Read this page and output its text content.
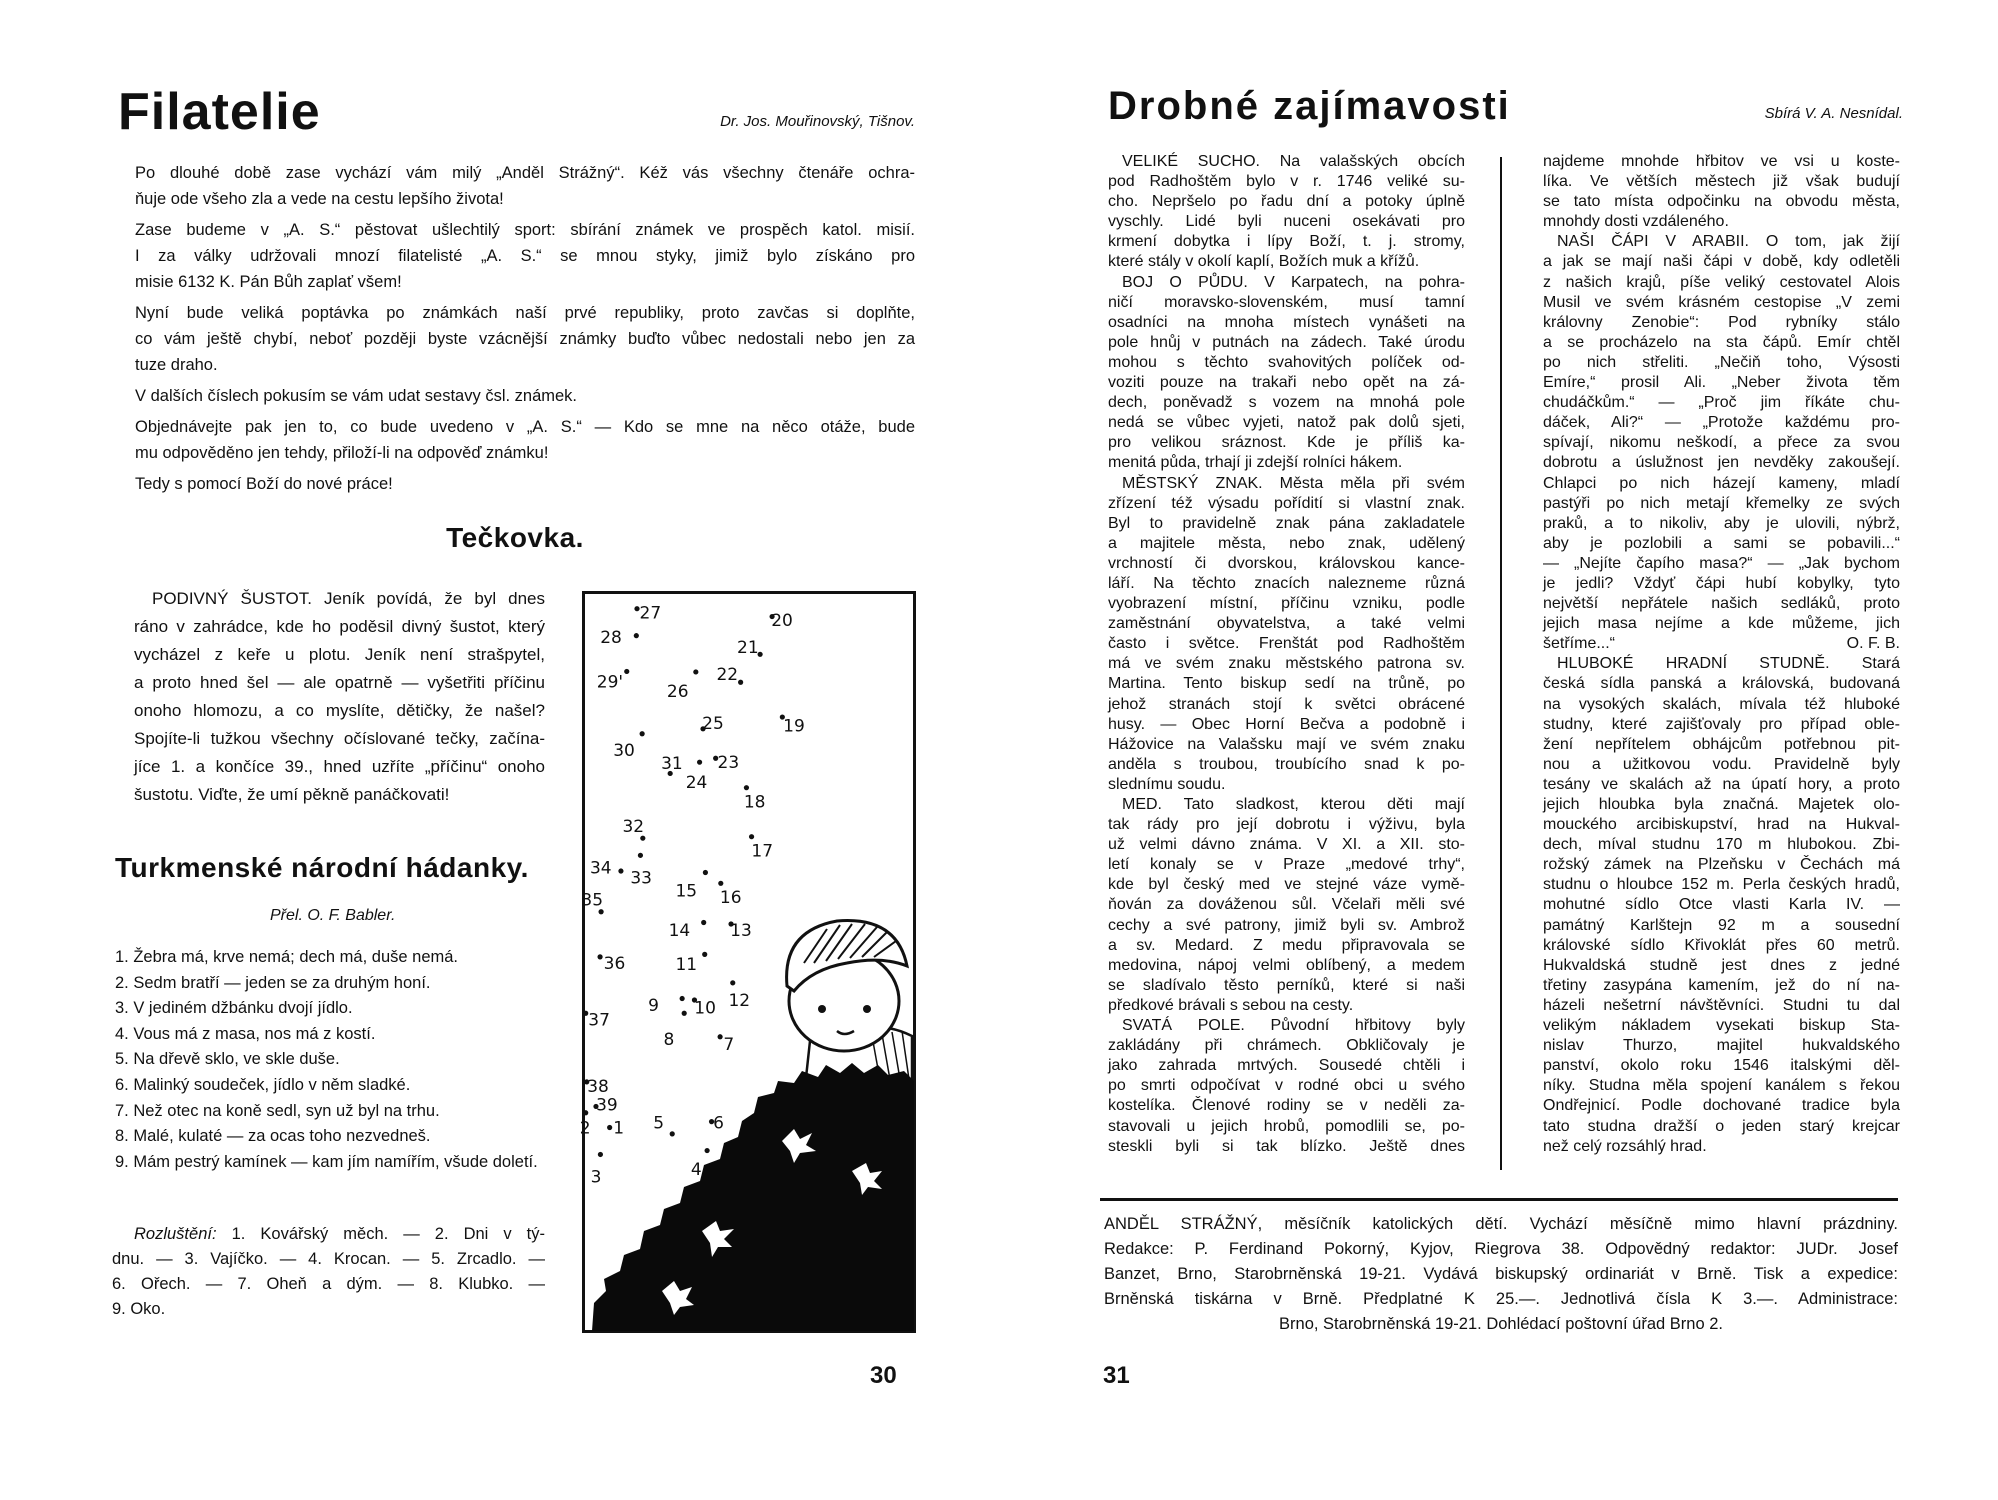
Filatelie	Dr. Jos. Mouřinovský, Tišnov.
Po dlouhé době zase vychází vám milý „Anděl Strážný“. Kéž vás všechny čtenáře ochra-
ňuje ode všeho zla a vede na cestu lepšího života!
Zase budeme v „A. S.“ pěstovat ušlechtilý sport: sbírání známek ve prospěch katol. misií.
I za války udržovali mnozí filatelisté „A. S.“ se mnou styky, jimiž bylo získáno pro
misie 6132 K. Pán Bůh zaplať všem!
Nyní bude veliká poptávka po známkách naší prvé republiky, proto zavčas si doplňte,
co vám ještě chybí, neboť později byste vzácnější známky buďto vůbec nedostali nebo jen za
tuze draho.
V dalších číslech pokusím se vám udat sestavy čsl. známek.
Objednávejte pak jen to, co bude uvedeno v „A. S.“ — Kdo se mne na něco otáže, bude
mu odpověděno jen tehdy, přiloží-li na odpověď známku!
Tedy s pomocí Boží do nové práce!
Tečkovka.
PODIVNÝ ŠUSTOT. Jeník povídá, že byl dnes
ráno v zahrádce, kde ho poděsil divný šustot, který
vycházel z keře u plotu. Jeník není strašpytel,
a proto hned šel — ale opatrně — vyšetřiti příčinu
onoho hlomozu, a co myslíte, dětičky, že našel?
Spojíte-li tužkou všechny očíslované tečky, začína-
jíce 1. a končíce 39., hned uzříte „příčinu“ onoho
šustotu. Viďte, že umí pěkně panáčkovati!
27
28
20
21
29'	26
22
25	19
30
31
24
23
18
32
17
34 33
15 16
35
14 13
36	11
12
9 10
8
37
7
38
39
2 1 5	6
3	4
Turkmenské národní hádanky.
Přel. O. F. Babler.
1. Žebra má, krve nemá; dech má, duše nemá.
2. Sedm bratří — jeden se za druhým honí.
3. V jediném džbánku dvojí jídlo.
4. Vous má z masa, nos má z kostí.
5. Na dřevě sklo, ve skle duše.
6. Malinký soudeček, jídlo v něm sladké.
7. Než otec na koně sedl, syn už byl na trhu.
8. Malé, kulaté — za ocas toho nezvedneš.
9. Mám pestrý kamínek — kam jím namířím, všude doletí.
Rozluštění: 1. Kovářský měch. — 2. Dni v tý-
dnu. — 3. Vajíčko. — 4. Krocan. — 5. Zrcadlo. —
6. Ořech. — 7. Oheň a dým. — 8. Klubko. —
9. Oko.
30
Drobné zajímavosti	Sbírá V. A. Nesnídal.
VELIKÉ SUCHO. Na valašských obcích
pod Radhoštěm bylo v r. 1746 veliké su-
cho. Nepršelo po řadu dní a potoky úplně
vyschly. Lidé byli nuceni osekávati pro
krmení dobytka i lípy Boží, t. j. stromy,
které stály v okolí kaplí, Božích muk a křížů.
BOJ O PŮDU. V Karpatech, na pohra-
ničí moravsko-slovenském, musí tamní
osadníci na mnoha místech vynášeti na
pole hnůj v putnách na zádech. Také úrodu
mohou s těchto svahovitých políček od-
voziti pouze na trakaři nebo opět na zá-
dech, poněvadž s vozem na mnohá pole
nedá se vůbec vyjeti, natož pak dolů sjeti,
pro velikou sráznost. Kde je příliš ka-
menitá půda, trhají ji zdejší rolníci hákem.
MĚSTSKÝ ZNAK. Města měla při svém
zřízení též výsadu pořídití si vlastní znak.
Byl to pravidelně znak pána zakladatele
a majitele města, nebo znak, udělený
vrchností či dvorskou, královskou kance-
láří. Na těchto znacích nalezneme různá
vyobrazení místní, příčinu vzniku, podle
zaměstnání obyvatelstva, a také velmi
často i světce. Frenštát pod Radhoštěm
má ve svém znaku městského patrona sv.
Martina. Tento biskup sedí na trůně, po
jehož stranách stojí k světci obrácené
husy. — Obec Horní Bečva a podobně i
Hážovice na Valašsku mají ve svém znaku
anděla s troubou, troubícího snad k po-
slednímu soudu.
MED. Tato sladkost, kterou děti mají
tak rády pro její dobrotu i výživu, byla
už velmi dávno známa. V XI. a XII. sto-
letí konaly se v Praze „medové trhy“,
kde byl český med ve stejné váze vymě-
ňován za dováženou sůl. Včelaři měli své
cechy a své patrony, jimiž byli sv. Ambrož
a sv. Medard. Z medu připravovala se
medovina, nápoj velmi oblíbený, a medem
se sladívalo těsto perníků, které si naši
předkové brávali s sebou na cesty.
SVATÁ POLE. Původní hřbitovy byly
zakládány při chrámech. Obkličovaly je
jako zahrada mrtvých. Sousedé chtěli i
po smrti odpočívat v rodné obci u svého
kostelíka. Členové rodiny se v neděli za-
stavovali u jejich hrobů, pomodlili se, po-
steskli byli si tak blízko. Ještě dnes
najdeme mnohde hřbitov ve vsi u koste-
líka. Ve větších městech již však budují
se tato místa odpočinku na obvodu města,
mnohdy dosti vzdáleného.
NAŠI ČÁPI V ARABII. O tom, jak žijí
a jak se mají naši čápi v době, kdy odletěli
z našich krajů, píše veliký cestovatel Alois
Musil ve svém krásném cestopise „V zemi
královny Zenobie“: Pod rybníky stálo
a se procházelo na sta čápů. Emír chtěl
po nich střeliti. „Nečiň toho, Výsosti
Emíre,“ prosil Ali. „Neber života těm
chudáčkům.“ — „Proč jim říkáte chu-
dáček, Ali?“ — „Protože každému pro-
spívají, nikomu neškodí, a přece za svou
dobrotu a úslužnost jen nevděky zakoušejí.
Chlapci po nich házejí kameny, mladí
pastýři po nich metají křemelky ze svých
praků, a to nikoliv, aby je ulovili, nýbrž,
aby je pozlobili a sami se pobavili...“
— „Nejíte čapího masa?“ — „Jak bychom
je jedli? Vždyť čápi hubí kobylky, tyto
největší nepřátele našich sedláků, proto
jejich masa nejíme a kde můžeme, jich
šetříme...“	O. F. B.
HLUBOKÉ HRADNÍ STUDNĚ. Stará
česká sídla panská a královská, budovaná
na vysokých skalách, mívala též hluboké
studny, které zajišťovaly pro případ oble-
žení nepřítelem obhájcům potřebnou pit-
nou a užitkovou vodu. Pravidelně byly
tesány ve skalách až na úpatí hory, a proto
jejich hloubka byla značná. Majetek olo-
mouckého arcibiskupství, hrad na Hukval-
dech, míval studnu 170 m hlubokou. Zbi-
rožský zámek na Plzeňsku v Čechách má
studnu o hloubce 152 m. Perla českých hradů,
mohutné sídlo Otce vlasti Karla IV. —
památný Karlštejn 92 m a sousední
královské sídlo Křivoklát přes 60 metrů.
Hukvaldská studně jest dnes z jedné
třetiny zasypána kamením, jež do ní na-
házeli nešetrní návštěvníci. Studni tu dal
velikým nákladem vysekati biskup Sta-
nislav Thurzo, majitel hukvaldského
panství, okolo roku 1546 italskými děl-
níky. Studna měla spojení kanálem s řekou
Ondřejnicí. Podle dochované tradice byla
tato studna dražší o jeden starý krejcar
než celý rozsáhlý hrad.
ANDĚL STRÁŽNÝ, měsíčník katolických dětí. Vychází měsíčně mimo hlavní prázdniny.
Redakce: P. Ferdinand Pokorný, Kyjov, Riegrova 38. Odpovědný redaktor: JUDr. Josef
Banzet, Brno, Starobrněnská 19-21. Vydává biskupský ordinariát v Brně. Tisk a expedice:
Brněnská tiskárna v Brně. Předplatné K 25.—. Jednotlivá čísla K 3.—. Administrace:
Brno, Starobrněnská 19-21. Dohlédací poštovní úřad Brno 2.
31
